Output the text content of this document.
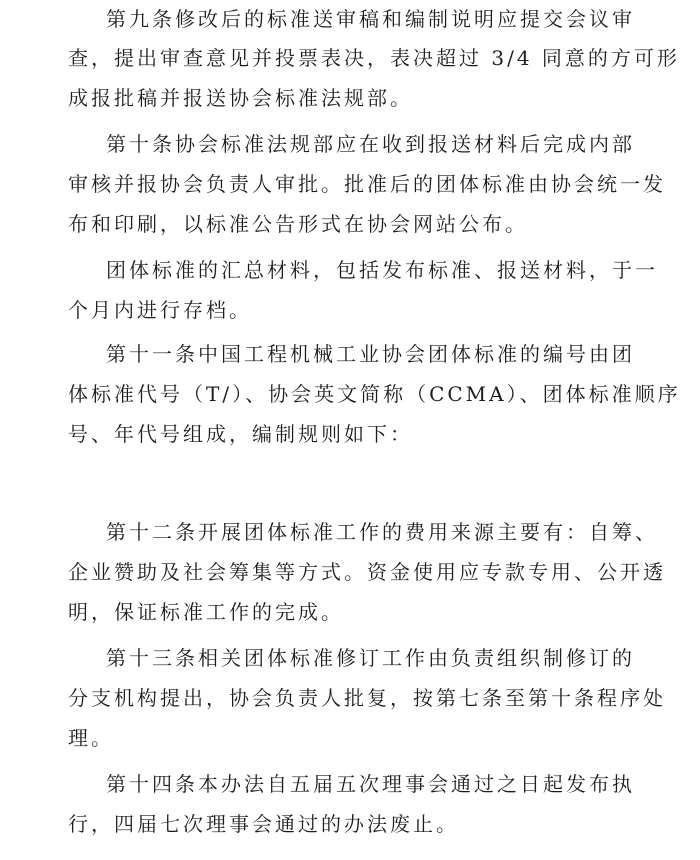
第九条修改后的标准送审稿和编制说明应提交会议审
查，提出审查意见并投票表决，表决超过 3/4 同意的方可形
成报批稿并报送协会标准法规部。
第十条协会标准法规部应在收到报送材料后完成内部
审核并报协会负责人审批。批准后的团体标准由协会统一发
布和印刷，以标准公告形式在协会网站公布。
团体标准的汇总材料，包括发布标准、报送材料，于一
个月内进行存档。
第十一条中国工程机械工业协会团体标准的编号由团
体标准代号（T/）、协会英文简称（CCMA）、团体标准顺序
号、年代号组成，编制规则如下：
第十二条开展团体标准工作的费用来源主要有：自筹、
企业赞助及社会筹集等方式。资金使用应专款专用、公开透
明，保证标准工作的完成。
第十三条相关团体标准修订工作由负责组织制修订的
分支机构提出，协会负责人批复，按第七条至第十条程序处
理。
第十四条本办法自五届五次理事会通过之日起发布执
行，四届七次理事会通过的办法废止。
